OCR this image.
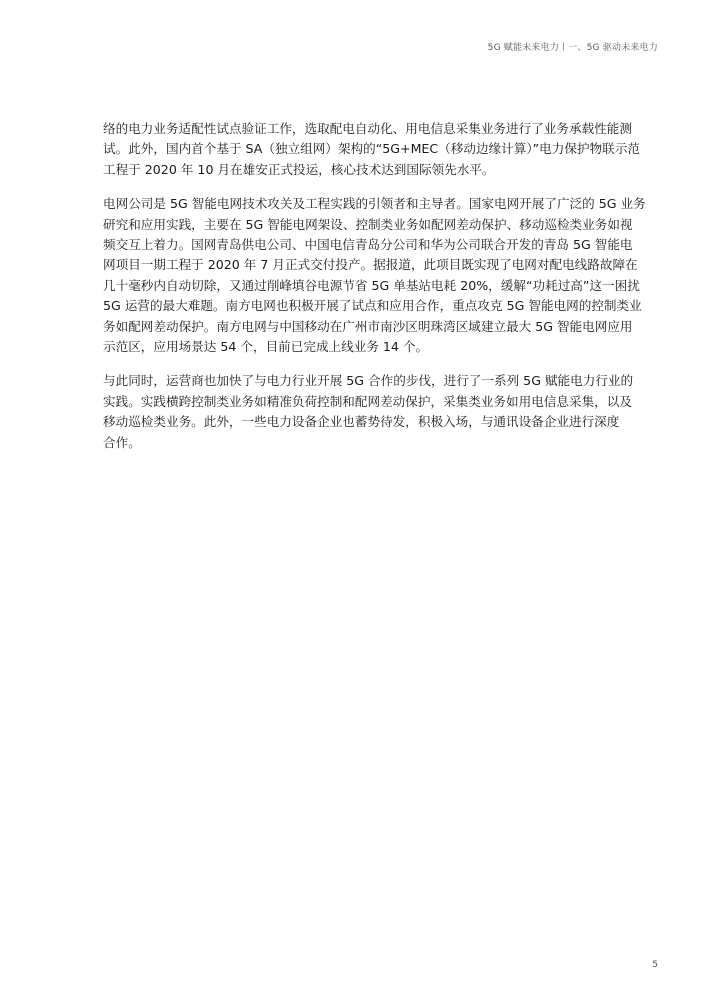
5G 赋能未来电力丨一、5G 驱动未来电力

络的电力业务适配性试点验证工作，选取配电自动化、用电信息采集业务进行了业务承载性能测
试。此外，国内首个基于 SA（独立组网）架构的“5G+MEC（移动边缘计算）”电力保护物联示范
工程于 2020 年 10 月在雄安正式投运，核心技术达到国际领先水平。

电网公司是 5G 智能电网技术攻关及工程实践的引领者和主导者。国家电网开展了广泛的 5G 业务
研究和应用实践，主要在 5G 智能电网架设、控制类业务如配网差动保护、移动巡检类业务如视
频交互上着力。国网青岛供电公司、中国电信青岛分公司和华为公司联合开发的青岛 5G 智能电
网项目一期工程于 2020 年 7 月正式交付投产。据报道，此项目既实现了电网对配电线路故障在
几十毫秒内自动切除，又通过削峰填谷电源节省 5G 单基站电耗 20%，缓解“功耗过高”这一困扰
5G 运营的最大难题。南方电网也积极开展了试点和应用合作，重点攻克 5G 智能电网的控制类业
务如配网差动保护。南方电网与中国移动在广州市南沙区明珠湾区域建立最大 5G 智能电网应用
示范区，应用场景达 54 个，目前已完成上线业务 14 个。

与此同时，运营商也加快了与电力行业开展 5G 合作的步伐，进行了一系列 5G 赋能电力行业的
实践。实践横跨控制类业务如精准负荷控制和配网差动保护，采集类业务如用电信息采集，以及
移动巡检类业务。此外，一些电力设备企业也蓄势待发，积极入场，与通讯设备企业进行深度
合作。

5
